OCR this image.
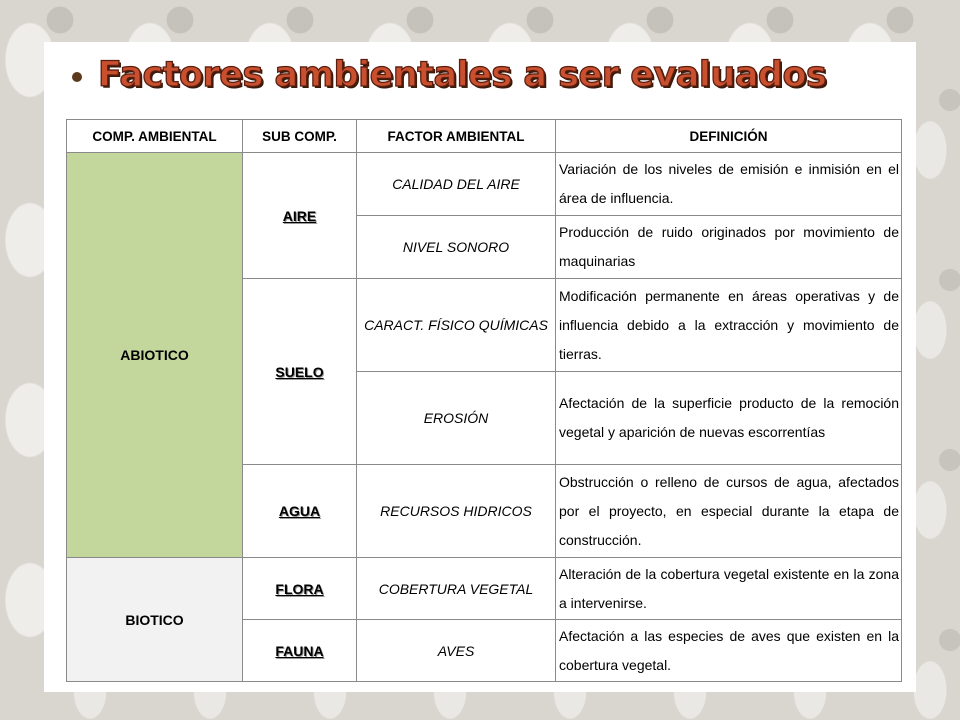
Factores ambientales a ser evaluados
COMP. AMBIENTAL	SUB COMP.	FACTOR AMBIENTAL	DEFINICIÓN
ABIOTICO	AIRE	CALIDAD DEL AIRE	Variación de los niveles de emisión e inmisión en el área de influencia.
		NIVEL SONORO	Producción de ruido originados por movimiento de maquinarias
	SUELO	CARACT. FÍSICO QUÍMICAS	Modificación permanente en áreas operativas y de influencia debido a la extracción y movimiento de tierras.
		EROSIÓN	Afectación de la superficie producto de la remoción vegetal y aparición de nuevas escorrentías
	AGUA	RECURSOS HIDRICOS	Obstrucción o relleno de cursos de agua, afectados por el proyecto, en especial durante la etapa de construcción.
BIOTICO	FLORA	COBERTURA VEGETAL	Alteración de la cobertura vegetal existente en la zona a intervenirse.
	FAUNA	AVES	Afectación a las especies de aves que existen en la cobertura vegetal.
